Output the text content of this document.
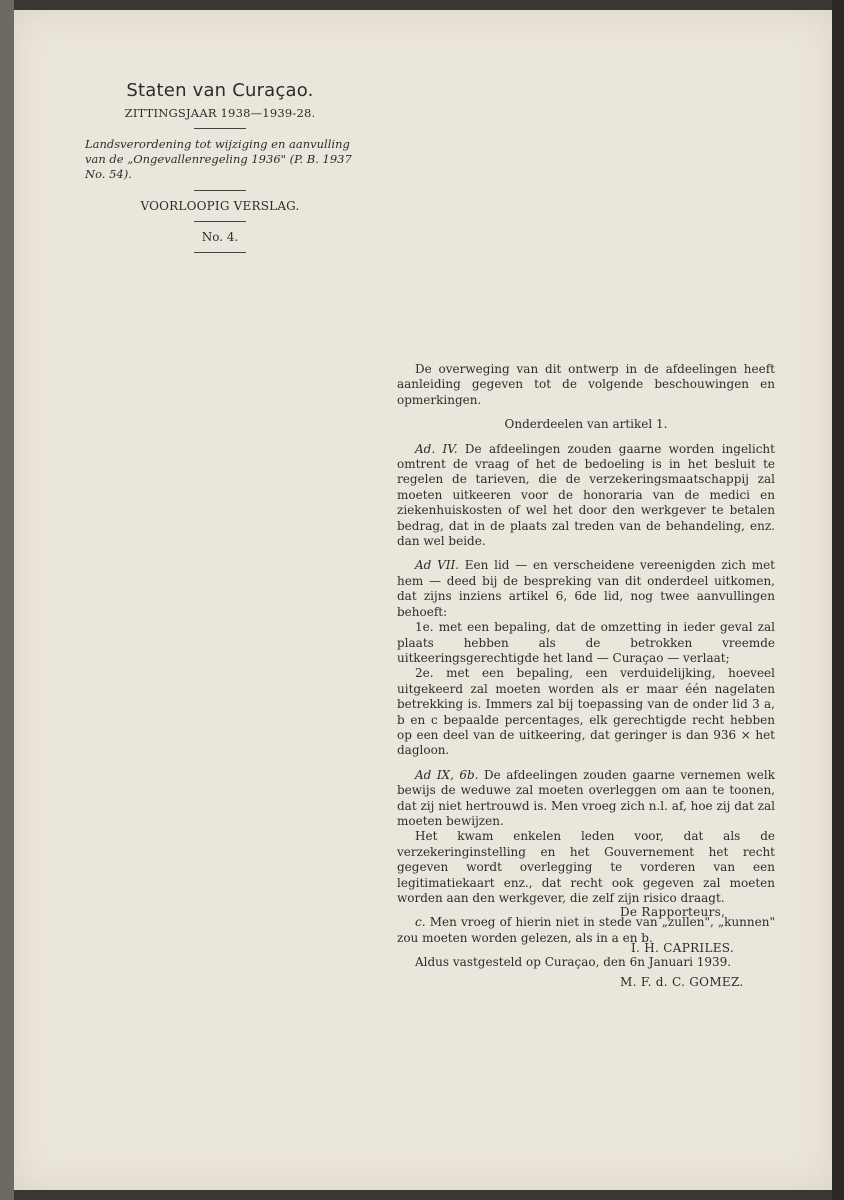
Staten van Curaçao.
ZITTINGSJAAR 1938—1939-28.
Landsverordening tot wijziging en aanvulling van de „Ongevallenregeling 1936" (P. B. 1937 No. 54).
VOORLOOPIG VERSLAG.
No. 4.

De overweging van dit ontwerp in de afdeelingen heeft aanleiding gegeven tot de volgende beschouwingen en opmerkingen.

Onderdeelen van artikel 1.

Ad. IV. De afdeelingen zouden gaarne worden ingelicht omtrent de vraag of het de bedoeling is in het besluit te regelen de tarieven, die de verzekeringsmaatschappij zal moeten uitkeeren voor de honoraria van de medici en ziekenhuiskosten of wel het door den werkgever te betalen bedrag, dat in de plaats zal treden van de behandeling, enz. dan wel beide.

Ad VII. Een lid — en verscheidene vereenigden zich met hem — deed bij de bespreking van dit onderdeel uitkomen, dat zijns inziens artikel 6, 6de lid, nog twee aanvullingen behoeft:

1e. met een bepaling, dat de omzetting in ieder geval zal plaats hebben als de betrokken vreemde uitkeeringsgerechtigde het land — Curaçao — verlaat;

2e. met een bepaling, een verduidelijking, hoeveel uitgekeerd zal moeten worden als er maar één nagelaten betrekking is. Immers zal bij toepassing van de onder lid 3 a, b en c bepaalde percentages, elk gerechtigde recht hebben op een deel van de uitkeering, dat geringer is dan 936 × het dagloon.

Ad IX, 6b. De afdeelingen zouden gaarne vernemen welk bewijs de weduwe zal moeten overleggen om aan te toonen, dat zij niet hertrouwd is. Men vroeg zich n.l. af, hoe zij dat zal moeten bewijzen.

Het kwam enkelen leden voor, dat als de verzekeringinstelling en het Gouvernement het recht gegeven wordt overlegging te vorderen van een legitimatiekaart enz., dat recht ook gegeven zal moeten worden aan den werkgever, die zelf zijn risico draagt.

c. Men vroeg of hierin niet in stede van „zullen", „kunnen" zou moeten worden gelezen, als in a en b.

Aldus vastgesteld op Curaçao, den 6n Januari 1939.

De Rapporteurs,
I. H. CAPRILES.
M. F. d. C. GOMEZ.
